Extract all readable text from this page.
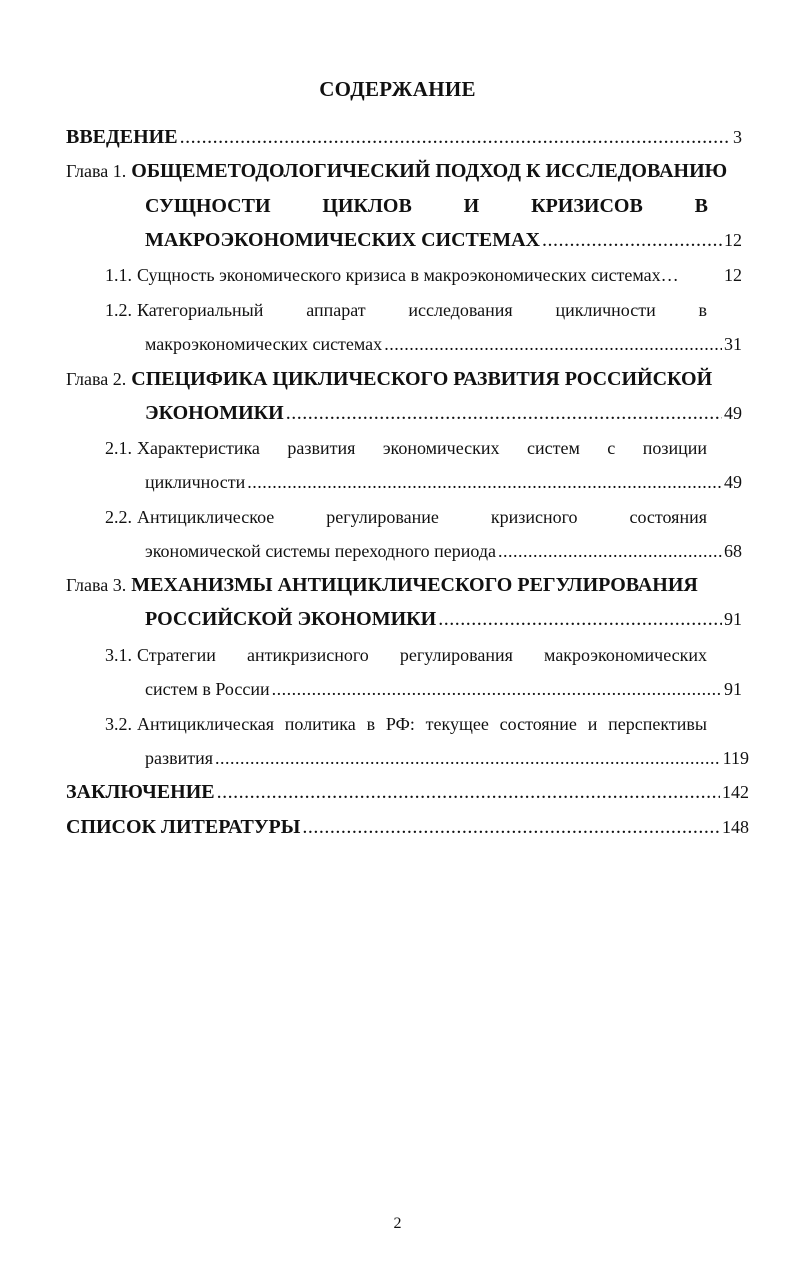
СОДЕРЖАНИЕ
ВВЕДЕНИЕ .....	3
Глава 1. ОБЩЕМЕТОДОЛОГИЧЕСКИЙ ПОДХОД К ИССЛЕДОВАНИЮ
СУЩНОСТИ ЦИКЛОВ И КРИЗИСОВ В
МАКРОЭКОНОМИЧЕСКИХ СИСТЕМАХ .....	12
1.1. Сущность экономического кризиса в макроэкономических системах…	12
1.2. Категориальный аппарат исследования цикличности в
макроэкономических системах .....	31
Глава 2. СПЕЦИФИКА ЦИКЛИЧЕСКОГО РАЗВИТИЯ РОССИЙСКОЙ
ЭКОНОМИКИ .....	49
2.1. Характеристика развития экономических систем с позиции
цикличности .....	49
2.2. Антициклическое регулирование кризисного состояния
экономической системы переходного периода .....	68
Глава 3. МЕХАНИЗМЫ АНТИЦИКЛИЧЕСКОГО РЕГУЛИРОВАНИЯ
РОССИЙСКОЙ ЭКОНОМИКИ .....	91
3.1. Стратегии антикризисного регулирования макроэкономических
систем в России .....	91
3.2. Антициклическая политика в РФ: текущее состояние и перспективы
развития .....	119
ЗАКЛЮЧЕНИЕ .....	142
СПИСОК ЛИТЕРАТУРЫ .....	148
2
